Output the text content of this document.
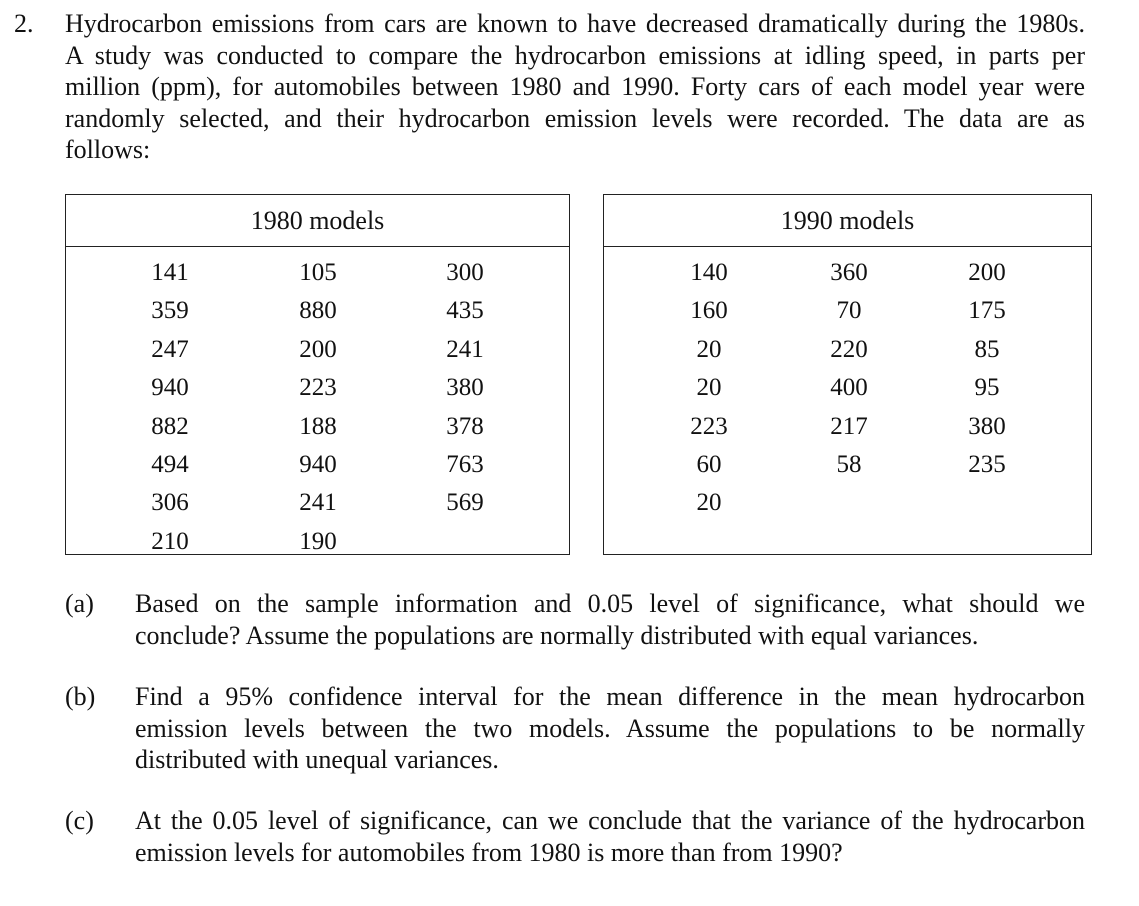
2. Hydrocarbon emissions from cars are known to have decreased dramatically during the 1980s.
A study was conducted to compare the hydrocarbon emissions at idling speed, in parts per
million (ppm), for automobiles between 1980 and 1990. Forty cars of each model year were
randomly selected, and their hydrocarbon emission levels were recorded. The data are as
follows:
1980 models
141
359
247
940
882
494
306
210
105
880
200
223
188
940
241
190
300
435
241
380
378
763
569
1990 models
140
160
20
20
223
60
20
360
70
220
400
217
58
200
175
85
95
380
235
(a) Based on the sample information and 0.05 level of significance, what should we
conclude? Assume the populations are normally distributed with equal variances.
(b) Find a 95% confidence interval for the mean difference in the mean hydrocarbon
emission levels between the two models. Assume the populations to be normally
distributed with unequal variances.
(c) At the 0.05 level of significance, can we conclude that the variance of the hydrocarbon
emission levels for automobiles from 1980 is more than from 1990?
